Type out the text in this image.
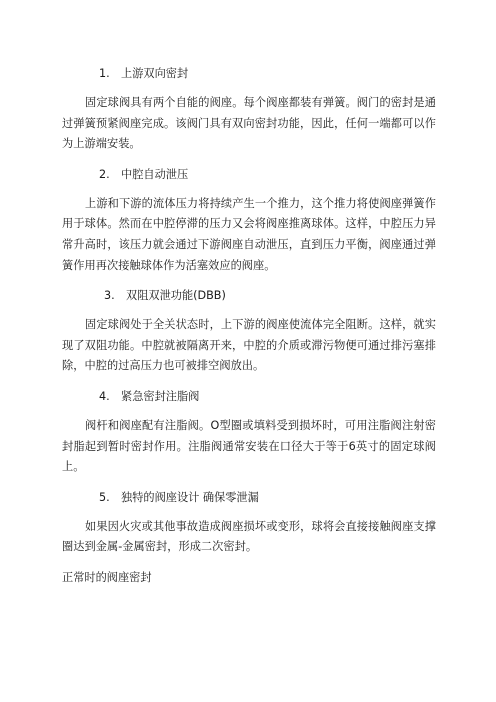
1. 上游双向密封

固定球阀具有两个自能的阀座。每个阀座都装有弹簧。阀门的密封是通过弹簧预紧阀座完成。该阀门具有双向密封功能，因此，任何一端都可以作为上游端安装。

2. 中腔自动泄压

上游和下游的流体压力将持续产生一个推力，这个推力将使阀座弹簧作用于球体。然而在中腔停滞的压力又会将阀座推离球体。这样，中腔压力异常升高时，该压力就会通过下游阀座自动泄压，直到压力平衡，阀座通过弹簧作用再次接触球体作为活塞效应的阀座。

3. 双阻双泄功能(DBB)

固定球阀处于全关状态时，上下游的阀座使流体完全阻断。这样，就实现了双阻功能。中腔就被隔离开来，中腔的介质或滞污物便可通过排污塞排除，中腔的过高压力也可被排空阀放出。

4. 紧急密封注脂阀

阀杆和阀座配有注脂阀。O型圈或填料受到损坏时，可用注脂阀注射密封脂起到暂时密封作用。注脂阀通常安装在口径大于等于6英寸的固定球阀上。

5. 独特的阀座设计 确保零泄漏

如果因火灾或其他事故造成阀座损坏或变形，球将会直接接触阀座支撑圈达到金属-金属密封，形成二次密封。

正常时的阀座密封
